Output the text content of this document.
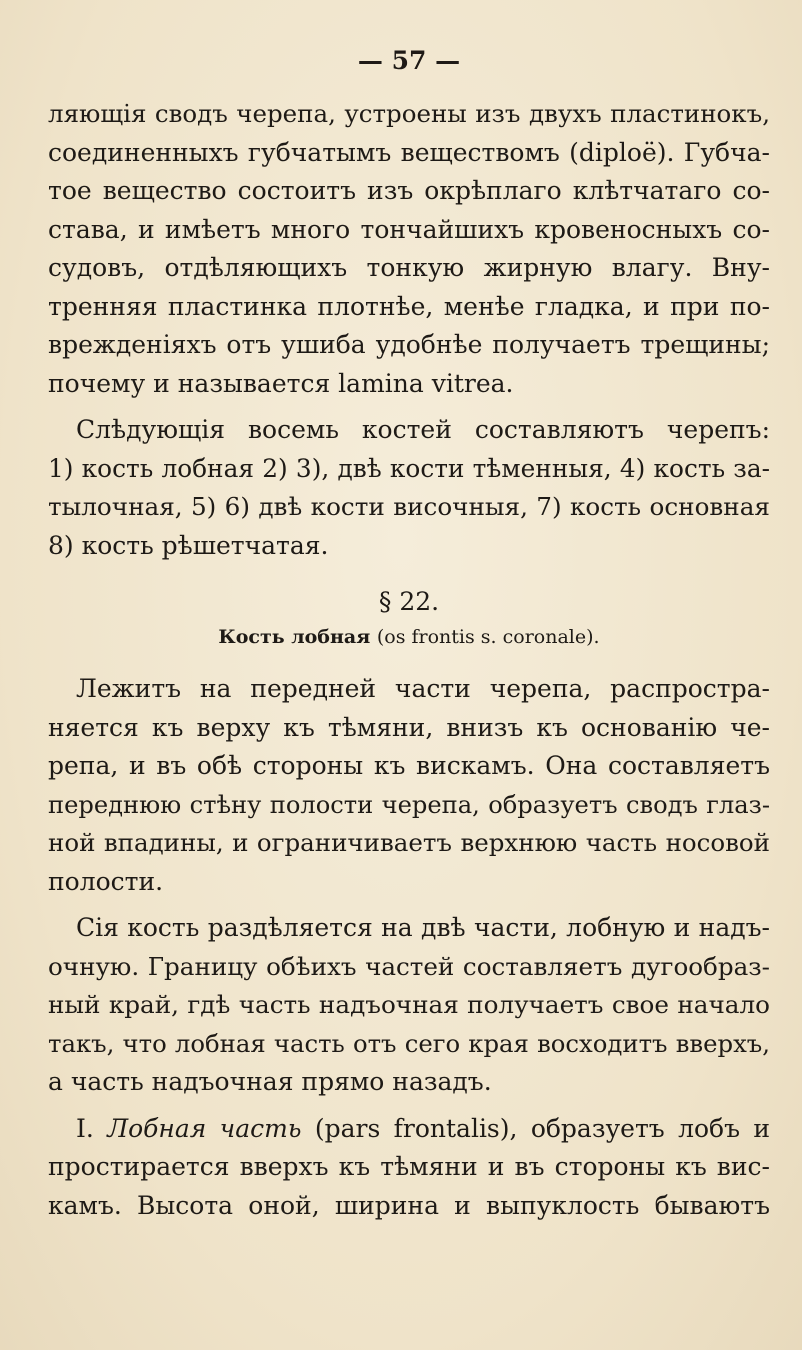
— 57 —

ляющія сводъ черепа, устроены изъ двухъ пластинокъ,
соединенныхъ губчатымъ веществомъ (diploë). Губча-
тое вещество состоитъ изъ окрѣплаго клѣтчатаго со-
става, и имѣетъ много тончайшихъ кровеносныхъ со-
судовъ, отдѣляющихъ тонкую жирную влагу. Вну-
тренняя пластинка плотнѣе, менѣе гладка, и при по-
врежденіяхъ отъ ушиба удобнѣе получаетъ трещины;
почему и называется lamina vitrea.

Слѣдующія восемь костей составляютъ черепъ:
1) кость лобная 2) 3), двѣ кости тѣменныя, 4) кость за-
тылочная, 5) 6) двѣ кости височныя, 7) кость основная
8) кость рѣшетчатая.

§ 22.
Кость лобная (os frontis s. coronale).

Лежитъ на передней части черепа, распростра-
няется къ верху къ тѣмяни, внизъ къ основанію че-
репа, и въ обѣ стороны къ вискамъ. Она составляетъ
переднюю стѣну полости черепа, образуетъ сводъ глаз-
ной впадины, и ограничиваетъ верхнюю часть носовой
полости.

Сія кость раздѣляется на двѣ части, лобную и надъ-
очную. Границу обѣихъ частей составляетъ дугообраз-
ный край, гдѣ часть надъочная получаетъ свое начало
такъ, что лобная часть отъ сего края восходитъ вверхъ,
а часть надъочная прямо назадъ.

I. Лобная часть (pars frontalis), образуетъ лобъ и
простирается вверхъ къ тѣмяни и въ стороны къ вис-
камъ. Высота оной, ширина и выпуклость бываютъ
